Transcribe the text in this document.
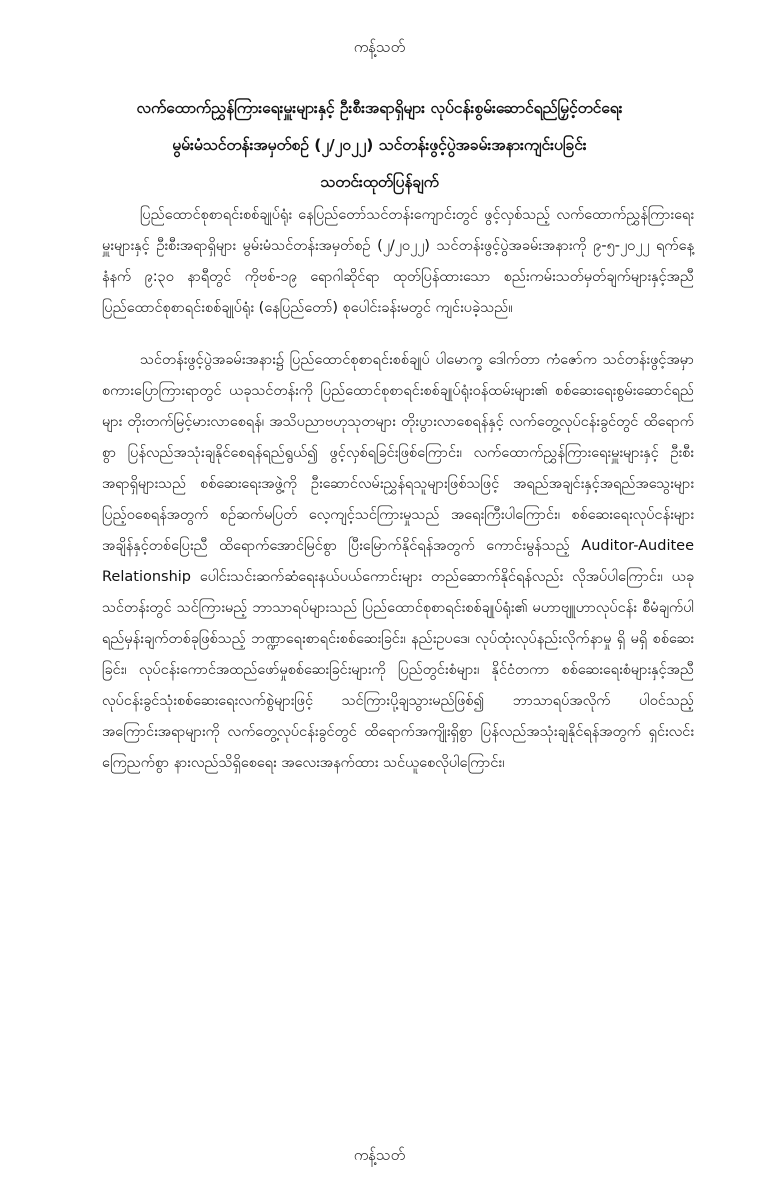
ကန့်သတ်
လက်ထောက်ညွှန်ကြားရေးမှူးများနှင့် ဦးစီးအရာရှိများ လုပ်ငန်းစွမ်းဆောင်ရည်မြှင့်တင်ရေး
မွမ်းမံသင်တန်းအမှတ်စဉ် (၂/၂၀၂၂) သင်တန်းဖွင့်ပွဲအခမ်းအနားကျင်းပခြင်း
သတင်းထုတ်ပြန်ချက်

ပြည်ထောင်စုစာရင်းစစ်ချုပ်ရုံး နေပြည်တော်သင်တန်းကျောင်းတွင် ဖွင့်လှစ်သည့် လက်ထောက်ညွှန်ကြားရေးမှူးများနှင့် ဦးစီးအရာရှိများ မွမ်းမံသင်တန်းအမှတ်စဉ် (၂/၂၀၂၂) သင်တန်းဖွင့်ပွဲအခမ်းအနားကို ၉-၅-၂၀၂၂ ရက်နေ့ နံနက် ၉:၃၀ နာရီတွင် ကိုဗစ်-၁၉ ရောဂါဆိုင်ရာ ထုတ်ပြန်ထားသော စည်းကမ်းသတ်မှတ်ချက်များနှင့်အညီ ပြည်ထောင်စုစာရင်းစစ်ချုပ်ရုံး (နေပြည်တော်) စုပေါင်းခန်းမတွင် ကျင်းပခဲ့သည်။

သင်တန်းဖွင့်ပွဲအခမ်းအနား၌ ပြည်ထောင်စုစာရင်းစစ်ချုပ် ပါမောက္ခ ဒေါက်တာ ကံဇော်က သင်တန်းဖွင့်အမှာစကားပြောကြားရာတွင် ယခုသင်တန်းကို ပြည်ထောင်စုစာရင်းစစ်ချုပ်ရုံးဝန်ထမ်းများ၏ စစ်ဆေးရေးစွမ်းဆောင်ရည်များ တိုးတက်မြင့်မားလာစေရန်၊ အသိပညာဗဟုသုတများ တိုးပွားလာစေရန်နှင့် လက်တွေ့လုပ်ငန်းခွင်တွင် ထိရောက်စွာ ပြန်လည်အသုံးချနိုင်စေရန်ရည်ရွယ်၍ ဖွင့်လှစ်ရခြင်းဖြစ်ကြောင်း၊ လက်ထောက်ညွှန်ကြားရေးမှူးများနှင့် ဦးစီးအရာရှိများသည် စစ်ဆေးရေးအဖွဲ့ကို ဦးဆောင်လမ်းညွှန်ရသူများဖြစ်သဖြင့် အရည်အချင်းနှင့်အရည်အသွေးများ ပြည့်ဝစေရန်အတွက် စဉ်ဆက်မပြတ် လေ့ကျင့်သင်ကြားမှုသည် အရေးကြီးပါကြောင်း၊ စစ်ဆေးရေးလုပ်ငန်းများ အချိန်နှင့်တစ်ပြေးညီ ထိရောက်အောင်မြင်စွာ ပြီးမြောက်နိုင်ရန်အတွက် ကောင်းမွန်သည့် Auditor-Auditee Relationship ပေါင်းသင်းဆက်ဆံရေးနယ်ပယ်ကောင်းများ တည်ဆောက်နိုင်ရန်လည်း လိုအပ်ပါကြောင်း၊ ယခုသင်တန်းတွင် သင်ကြားမည့် ဘာသာရပ်များသည် ပြည်ထောင်စုစာရင်းစစ်ချုပ်ရုံး၏ မဟာဗျူဟာလုပ်ငန်း စီမံချက်ပါ ရည်မှန်းချက်တစ်ခုဖြစ်သည့် ဘဏ္ဍာရေးစာရင်းစစ်ဆေးခြင်း၊ နည်းဥပဒေ၊ လုပ်ထုံးလုပ်နည်းလိုက်နာမှု ရှိ မရှိ စစ်ဆေးခြင်း၊ လုပ်ငန်းကောင်အထည်ဖော်မှုစစ်ဆေးခြင်းများကို ပြည်တွင်းစံများ၊ နိုင်ငံတကာ စစ်ဆေးရေးစံများနှင့်အညီ လုပ်ငန်းခွင်သုံးစစ်ဆေးရေးလက်စွဲများဖြင့် သင်ကြားပို့ချသွားမည်ဖြစ်၍ ဘာသာရပ်အလိုက် ပါဝင်သည့်အကြောင်းအရာများကို လက်တွေ့လုပ်ငန်းခွင်တွင် ထိရောက်အကျိုးရှိစွာ ပြန်လည်အသုံးချနိုင်ရန်အတွက် ရှင်းလင်းကြေညက်စွာ နားလည်သိရှိစေရေး အလေးအနက်ထား သင်ယူစေလိုပါကြောင်း၊

ကန့်သတ်
